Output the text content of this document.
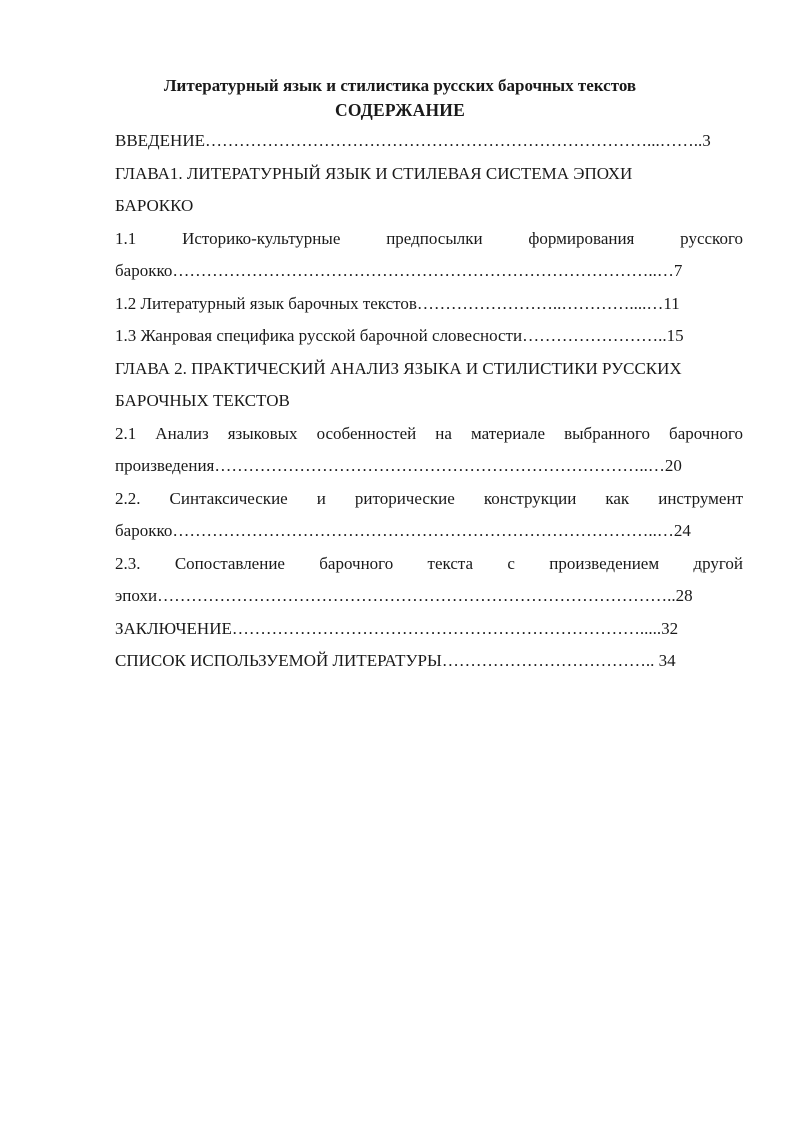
Литературный язык и стилистика русских барочных текстов
СОДЕРЖАНИЕ
ВВЕДЕНИЕ……………………………………………………………………...……..3
ГЛАВА1. ЛИТЕРАТУРНЫЙ ЯЗЫК И СТИЛЕВАЯ СИСТЕМА ЭПОХИ
БАРОККО
1.1 Историко-культурные предпосылки формирования русского
барокко…………………………………………………………………………..…7
1.2 Литературный язык барочных текстов……………………..…………....…11
1.3 Жанровая специфика русской барочной словесности……………………..15
ГЛАВА 2. ПРАКТИЧЕСКИЙ АНАЛИЗ ЯЗЫКА И СТИЛИСТИКИ РУССКИХ
БАРОЧНЫХ ТЕКСТОВ
2.1 Анализ языковых особенностей на материале выбранного барочного
произведения…………………………………………………………………..…20
2.2. Синтаксические и риторические конструкции как инструмент
барокко…………………………………………………………………………..…24
2.3. Сопоставление барочного текста с произведением другой
эпохи………………………………………………………………………………..28
ЗАКЛЮЧЕНИЕ……………………………………………………………….....32
СПИСОК ИСПОЛЬЗУЕМОЙ ЛИТЕРАТУРЫ……………………………….. 34
